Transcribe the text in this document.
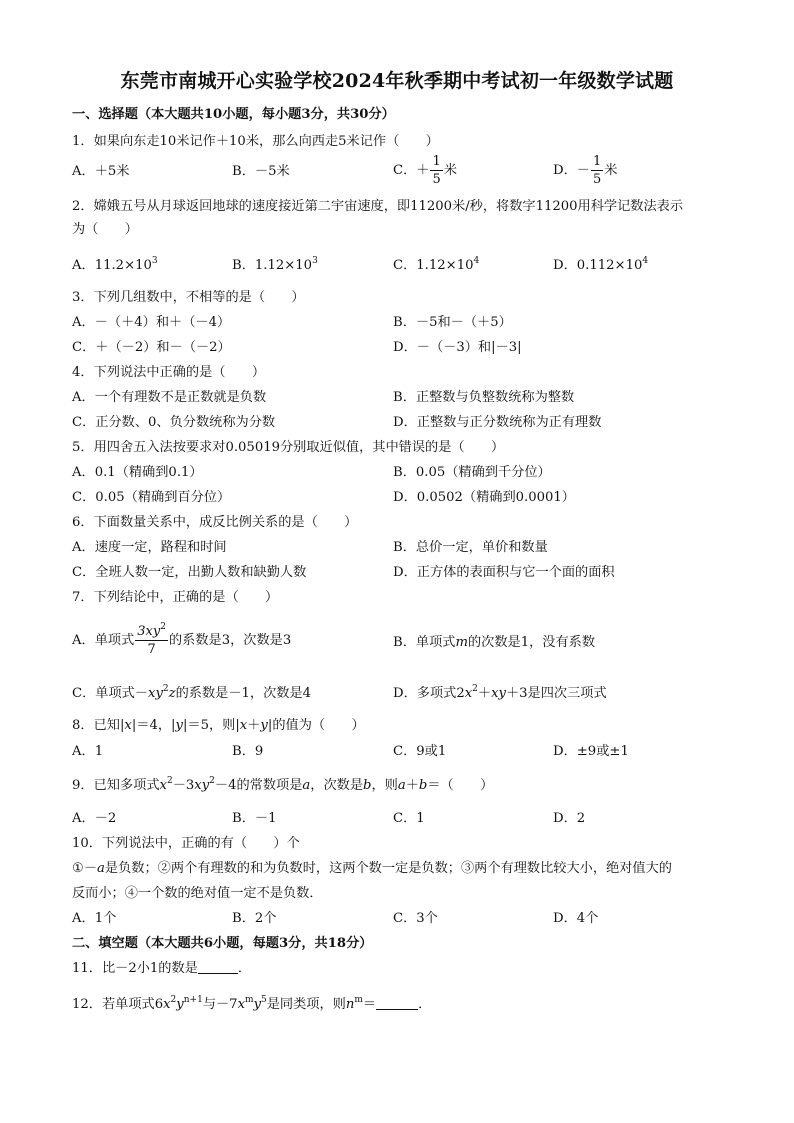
东莞市南城开心实验学校2024年秋季期中考试初一年级数学试题
一、选择题（本大题共10小题，每小题3分，共30分）
1．如果向东走10米记作＋10米，那么向西走5米记作（　　）
A．＋5米	B．－5米	C．＋ $\frac{1}{5}$ 米	D．－ $\frac{1}{5}$ 米
2．嫦娥五号从月球返回地球的速度接近第二宇宙速度，即11200米/秒，将数字11200用科学记数法表示
为（　　）
A．$11.2\times 10^3$	B．$1.12\times 10^3$	C．$1.12\times 10^4$	D．$0.112\times 10^4$
3．下列几组数中，不相等的是（　　）
A．－（＋4）和＋（－4）	B．－5和－（＋5）
C．＋（－2）和－（－2）	D．－（－3）和|－3|
4．下列说法中正确的是（　　）
A．一个有理数不是正数就是负数	B．正整数与负整数统称为整数
C．正分数、0、负分数统称为分数	D．正整数与正分数统称为正有理数
5．用四舍五入法按要求对0.05019分别取近似值，其中错误的是（　　）
A．0.1（精确到0.1）	B．0.05（精确到千分位）
C．0.05（精确到百分位）	D．0.0502（精确到0.0001）
6．下面数量关系中，成反比例关系的是（　　）
A．速度一定，路程和时间	B．总价一定，单价和数量
C．全班人数一定，出勤人数和缺勤人数	D．正方体的表面积与它一个面的面积
7．下列结论中，正确的是（　　）
A．单项式 $\frac{3xy^2}{7}$ 的系数是3，次数是3	B．单项式m的次数是1，没有系数
C．单项式$-xy^2z$的系数是－1，次数是4	D．多项式$2x^2+xy+3$是四次三项式
8．已知|x|＝4，|y|＝5，则|x＋y|的值为（　　）
A．1	B．9	C．9或1	D．±9或±1
9．已知多项式$x^2-3xy^2-4$的常数项是a，次数是b，则a＋b＝（　　）
A．－2	B．－1	C．1	D．2
10．下列说法中，正确的有（　　）个
①－a是负数；②两个有理数的和为负数时，这两个数一定是负数；③两个有理数比较大小，绝对值大的
反而小；④一个数的绝对值一定不是负数．
A．1个	B．2个	C．3个	D．4个
二、填空题（本大题共6小题，每题3分，共18分）
11．比－2小1的数是	．
12．若单项式$6x^2y^{n+1}$与$-7x^my^5$是同类项，则$n^m=$	．
